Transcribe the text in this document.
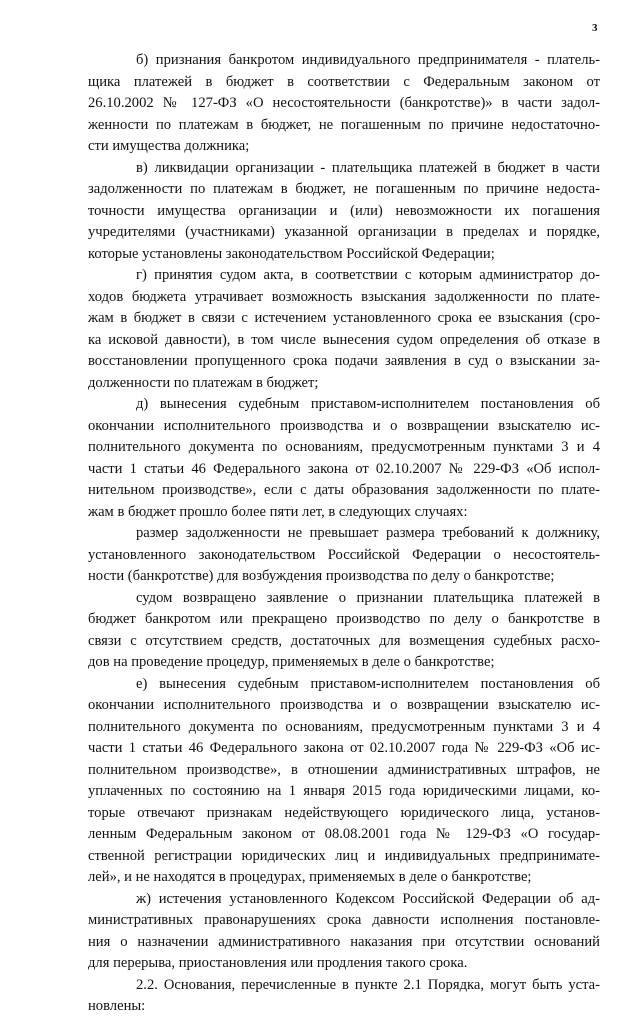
3
б) признания банкротом индивидуального предпринимателя - платель-
щика платежей в бюджет в соответствии с Федеральным законом от
26.10.2002 № 127-ФЗ «О несостоятельности (банкротстве)» в части задол-
женности по платежам в бюджет, не погашенным по причине недостаточно-
сти имущества должника;
в) ликвидации организации - плательщика платежей в бюджет в части
задолженности по платежам в бюджет, не погашенным по причине недоста-
точности имущества организации и (или) невозможности их погашения
учредителями (участниками) указанной организации в пределах и порядке,
которые установлены законодательством Российской Федерации;
г) принятия судом акта, в соответствии с которым администратор до-
ходов бюджета утрачивает возможность взыскания задолженности по плате-
жам в бюджет в связи с истечением установленного срока ее взыскания (сро-
ка исковой давности), в том числе вынесения судом определения об отказе в
восстановлении пропущенного срока подачи заявления в суд о взыскании за-
долженности по платежам в бюджет;
д) вынесения судебным приставом-исполнителем постановления об
окончании исполнительного производства и о возвращении взыскателю ис-
полнительного документа по основаниям, предусмотренным пунктами 3 и 4
части 1 статьи 46 Федерального закона от 02.10.2007 № 229-ФЗ «Об испол-
нительном производстве», если с даты образования задолженности по плате-
жам в бюджет прошло более пяти лет, в следующих случаях:
размер задолженности не превышает размера требований к должнику,
установленного законодательством Российской Федерации о несостоятель-
ности (банкротстве) для возбуждения производства по делу о банкротстве;
судом возвращено заявление о признании плательщика платежей в
бюджет банкротом или прекращено производство по делу о банкротстве в
связи с отсутствием средств, достаточных для возмещения судебных расхо-
дов на проведение процедур, применяемых в деле о банкротстве;
е) вынесения судебным приставом-исполнителем постановления об
окончании исполнительного производства и о возвращении взыскателю ис-
полнительного документа по основаниям, предусмотренным пунктами 3 и 4
части 1 статьи 46 Федерального закона от 02.10.2007 года № 229-ФЗ «Об ис-
полнительном производстве», в отношении административных штрафов, не
уплаченных по состоянию на 1 января 2015 года юридическими лицами, ко-
торые отвечают признакам недействующего юридического лица, установ-
ленным Федеральным законом от 08.08.2001 года № 129-ФЗ «О государ-
ственной регистрации юридических лиц и индивидуальных предпринимате-
лей», и не находятся в процедурах, применяемых в деле о банкротстве;
ж) истечения установленного Кодексом Российской Федерации об ад-
министративных правонарушениях срока давности исполнения постановле-
ния о назначении административного наказания при отсутствии оснований
для перерыва, приостановления или продления такого срока.
2.2. Основания, перечисленные в пункте 2.1 Порядка, могут быть уста-
новлены:
